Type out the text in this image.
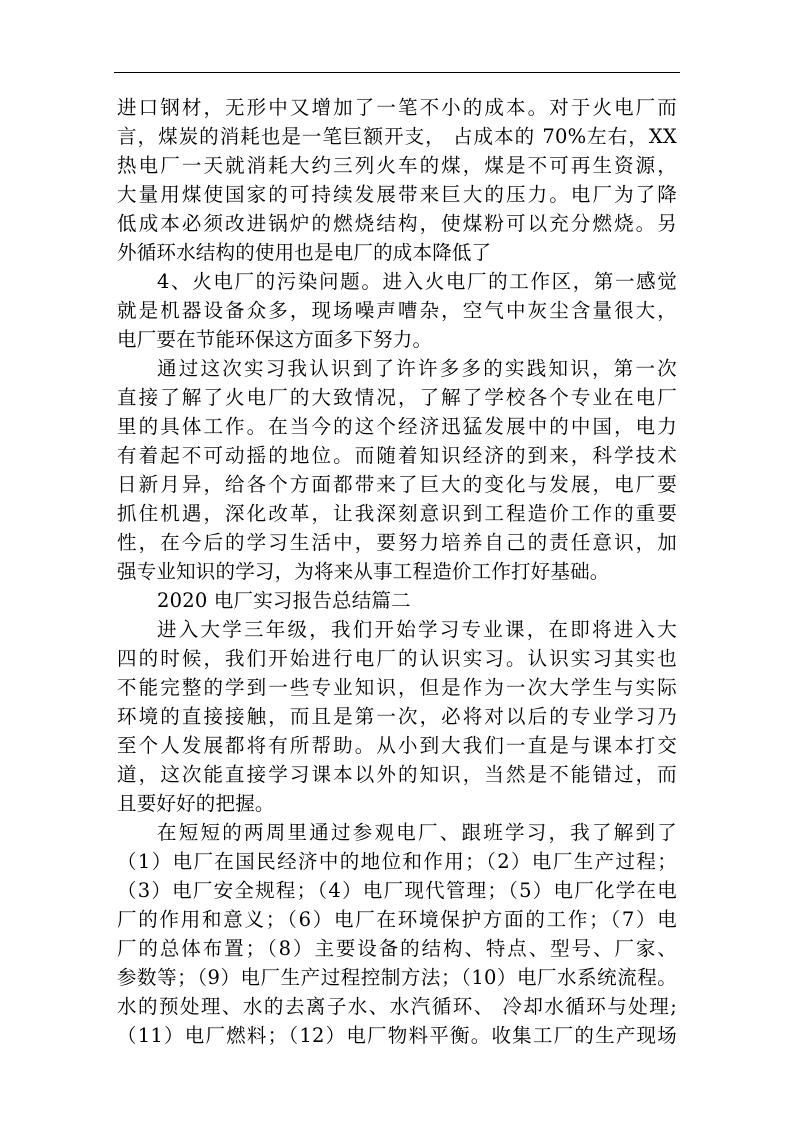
进口钢材，无形中又增加了一笔不小的成本。对于火电厂而
言，煤炭的消耗也是一笔巨额开支， 占成本的 70%左右，XX
热电厂一天就消耗大约三列火车的煤，煤是不可再生资源，
大量用煤使国家的可持续发展带来巨大的压力。电厂为了降
低成本必须改进锅炉的燃烧结构，使煤粉可以充分燃烧。另
外循环水结构的使用也是电厂的成本降低了
4、火电厂的污染问题。进入火电厂的工作区，第一感觉
就是机器设备众多，现场噪声嘈杂，空气中灰尘含量很大，
电厂要在节能环保这方面多下努力。
通过这次实习我认识到了许许多多的实践知识，第一次
直接了解了火电厂的大致情况，了解了学校各个专业在电厂
里的具体工作。在当今的这个经济迅猛发展中的中国，电力
有着起不可动摇的地位。而随着知识经济的到来，科学技术
日新月异，给各个方面都带来了巨大的变化与发展，电厂要
抓住机遇，深化改革，让我深刻意识到工程造价工作的重要
性，在今后的学习生活中，要努力培养自己的责任意识，加
强专业知识的学习，为将来从事工程造价工作打好基础。
2020 电厂实习报告总结篇二
进入大学三年级，我们开始学习专业课，在即将进入大
四的时候，我们开始进行电厂的认识实习。认识实习其实也
不能完整的学到一些专业知识，但是作为一次大学生与实际
环境的直接接触，而且是第一次，必将对以后的专业学习乃
至个人发展都将有所帮助。从小到大我们一直是与课本打交
道，这次能直接学习课本以外的知识，当然是不能错过，而
且要好好的把握。
在短短的两周里通过参观电厂、跟班学习，我了解到了
（1）电厂在国民经济中的地位和作用；（2）电厂生产过程；
（3）电厂安全规程；（4）电厂现代管理；（5）电厂化学在电
厂的作用和意义；（6）电厂在环境保护方面的工作；（7）电
厂的总体布置；（8）主要设备的结构、特点、型号、厂家、
参数等；（9）电厂生产过程控制方法；（10）电厂水系统流程。
水的预处理、水的去离子水、水汽循环、 冷却水循环与处理;
（11）电厂燃料；（12）电厂物料平衡。收集工厂的生产现场
